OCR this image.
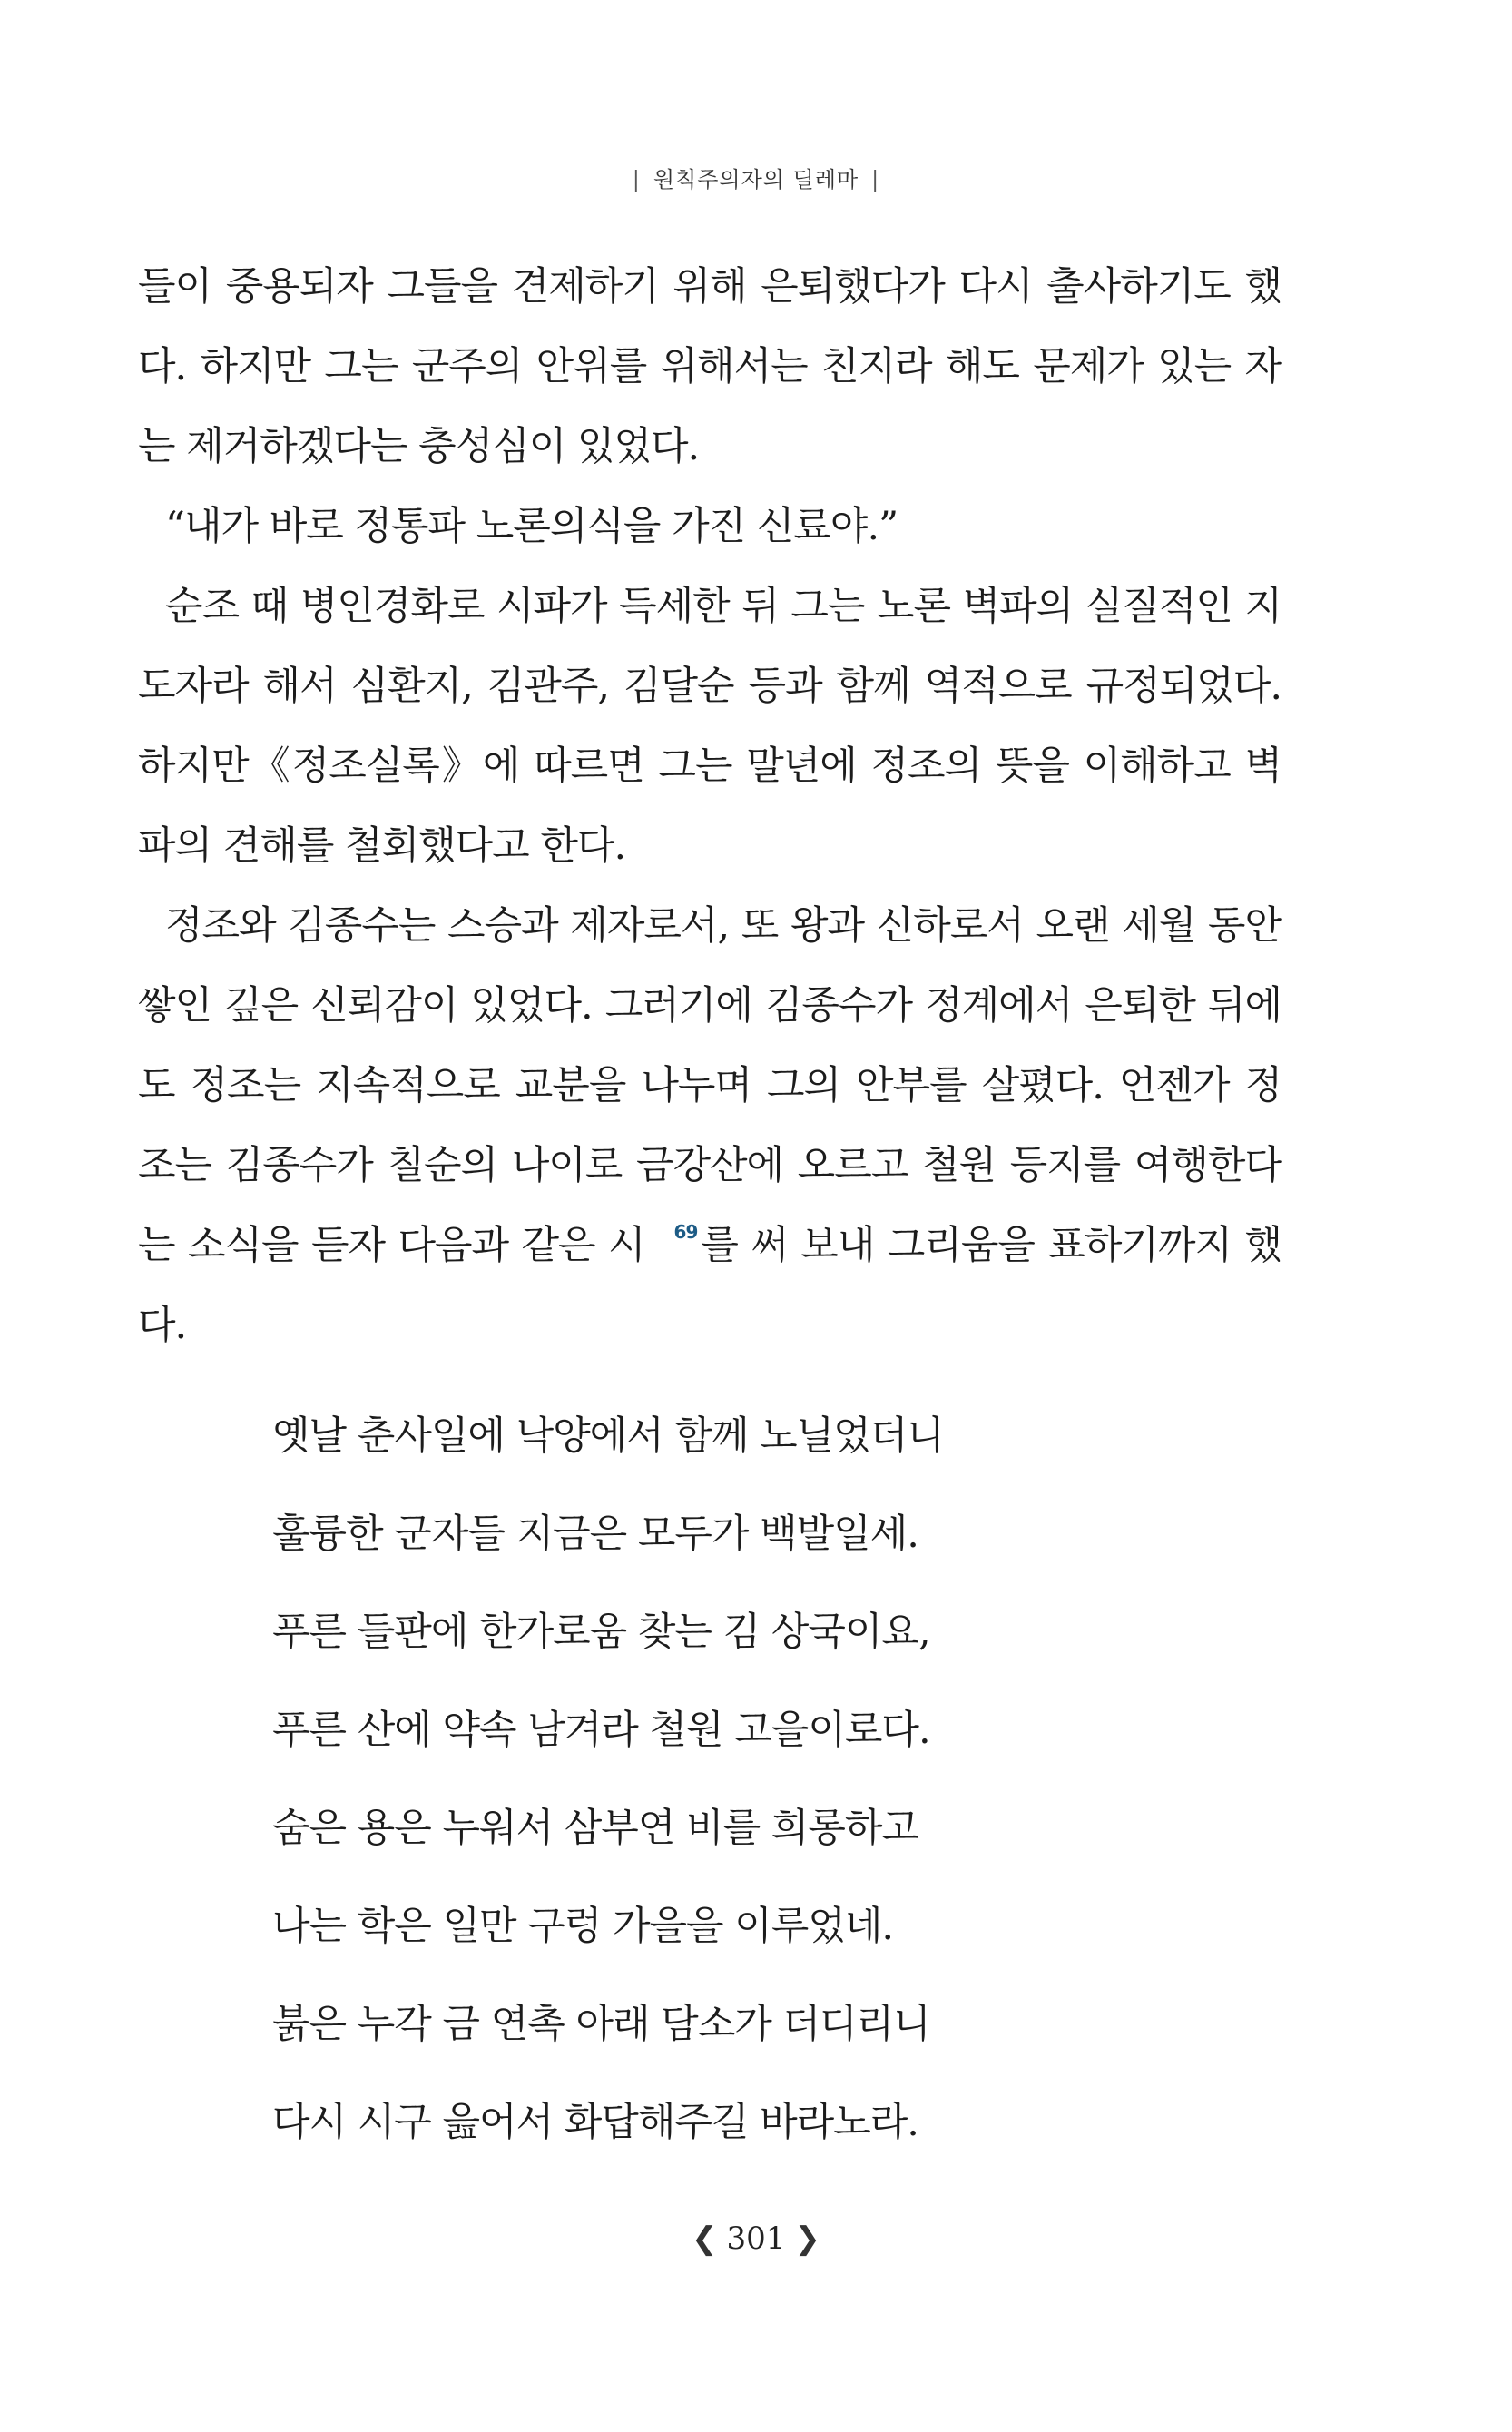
| 원칙주의자의 딜레마 |

들이 중용되자 그들을 견제하기 위해 은퇴했다가 다시 출사하기도 했다. 하지만 그는 군주의 안위를 위해서는 친지라 해도 문제가 있는 자는 제거하겠다는 충성심이 있었다.

“내가 바로 정통파 노론의식을 가진 신료야.”

순조 때 병인경화로 시파가 득세한 뒤 그는 노론 벽파의 실질적인 지도자라 해서 심환지, 김관주, 김달순 등과 함께 역적으로 규정되었다. 하지만《정조실록》에 따르면 그는 말년에 정조의 뜻을 이해하고 벽파의 견해를 철회했다고 한다.

정조와 김종수는 스승과 제자로서, 또 왕과 신하로서 오랜 세월 동안 쌓인 깊은 신뢰감이 있었다. 그러기에 김종수가 정계에서 은퇴한 뒤에도 정조는 지속적으로 교분을 나누며 그의 안부를 살폈다. 언젠가 정조는 김종수가 칠순의 나이로 금강산에 오르고 철원 등지를 여행한다는 소식을 듣자 다음과 같은 시 69를 써 보내 그리움을 표하기까지 했다.

옛날 춘사일에 낙양에서 함께 노닐었더니
훌륭한 군자들 지금은 모두가 백발일세.
푸른 들판에 한가로움 찾는 김 상국이요,
푸른 산에 약속 남겨라 철원 고을이로다.
숨은 용은 누워서 삼부연 비를 희롱하고
나는 학은 일만 구렁 가을을 이루었네.
붉은 누각 금 연촉 아래 담소가 더디리니
다시 시구 읊어서 화답해주길 바라노라.
❮ 301 ❯
